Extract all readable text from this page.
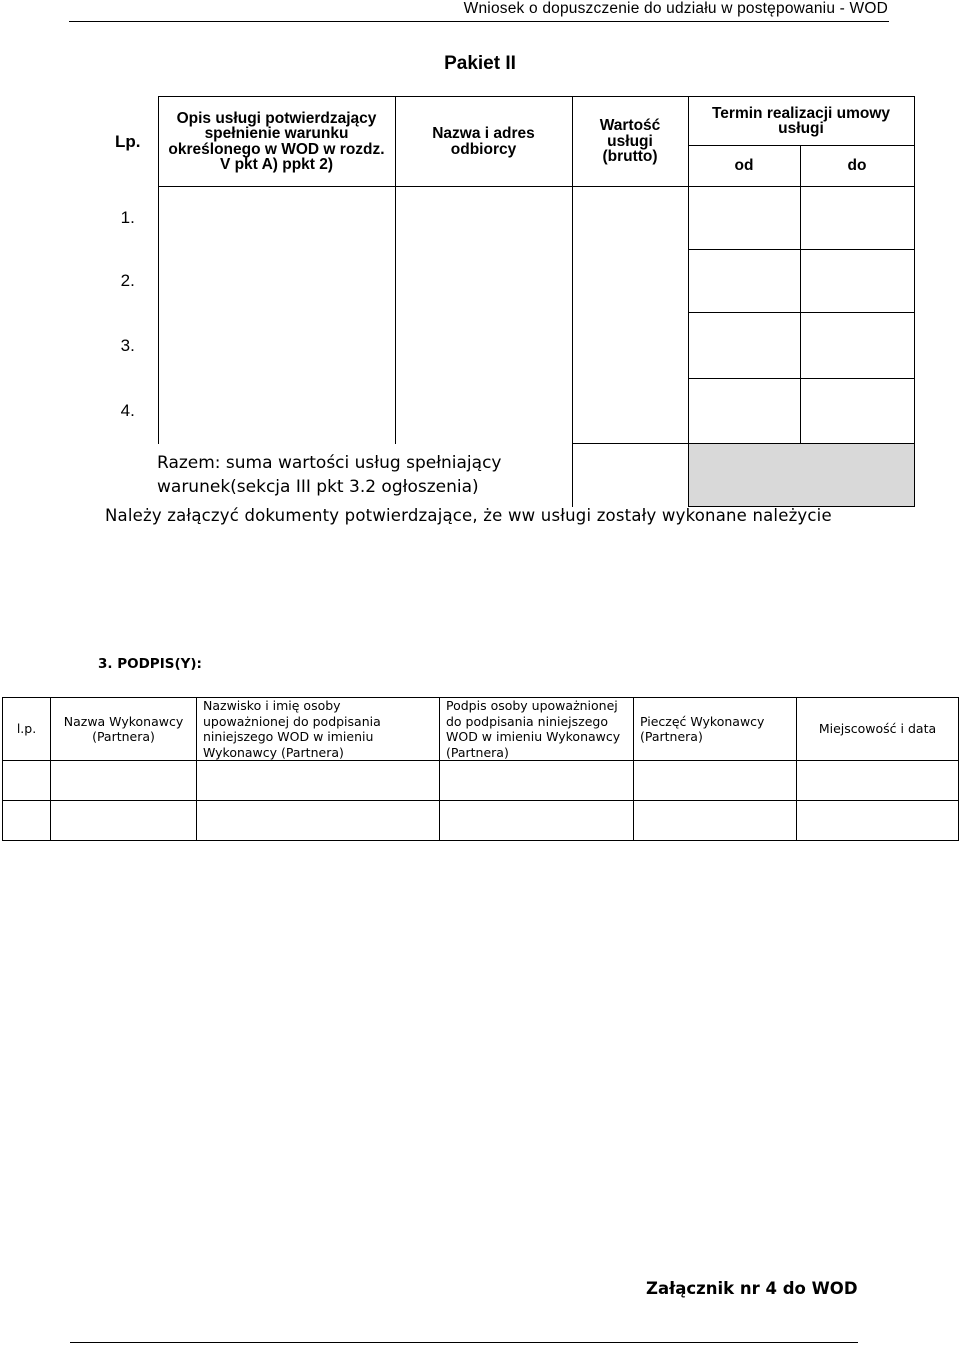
Wniosek o dopuszczenie do udziału w postępowaniu - WOD
Pakiet II
Lp.	Opis usługi potwierdzający spełnienie warunku określonego w WOD w rozdz. V pkt A) ppkt 2)	Nazwa i adres odbiorcy	Wartość usługi (brutto)	Termin realizacji umowy usługi	
				od	do
1.					
2.					
3.					
4.					
Razem: suma wartości usług spełniający warunek(sekcja III pkt 3.2 ogłoszenia)					
Należy załączyć dokumenty potwierdzające, że ww usługi zostały wykonane należycie
3. PODPIS(Y):
l.p.	Nazwa Wykonawcy (Partnera)	Nazwisko i imię osoby upoważnionej do podpisania niniejszego WOD w imieniu Wykonawcy (Partnera)	Podpis osoby upoważnionej do podpisania niniejszego WOD w imieniu Wykonawcy (Partnera)	Pieczęć Wykonawcy (Partnera)	Miejscowość i data

Załącznik nr 4 do WOD
